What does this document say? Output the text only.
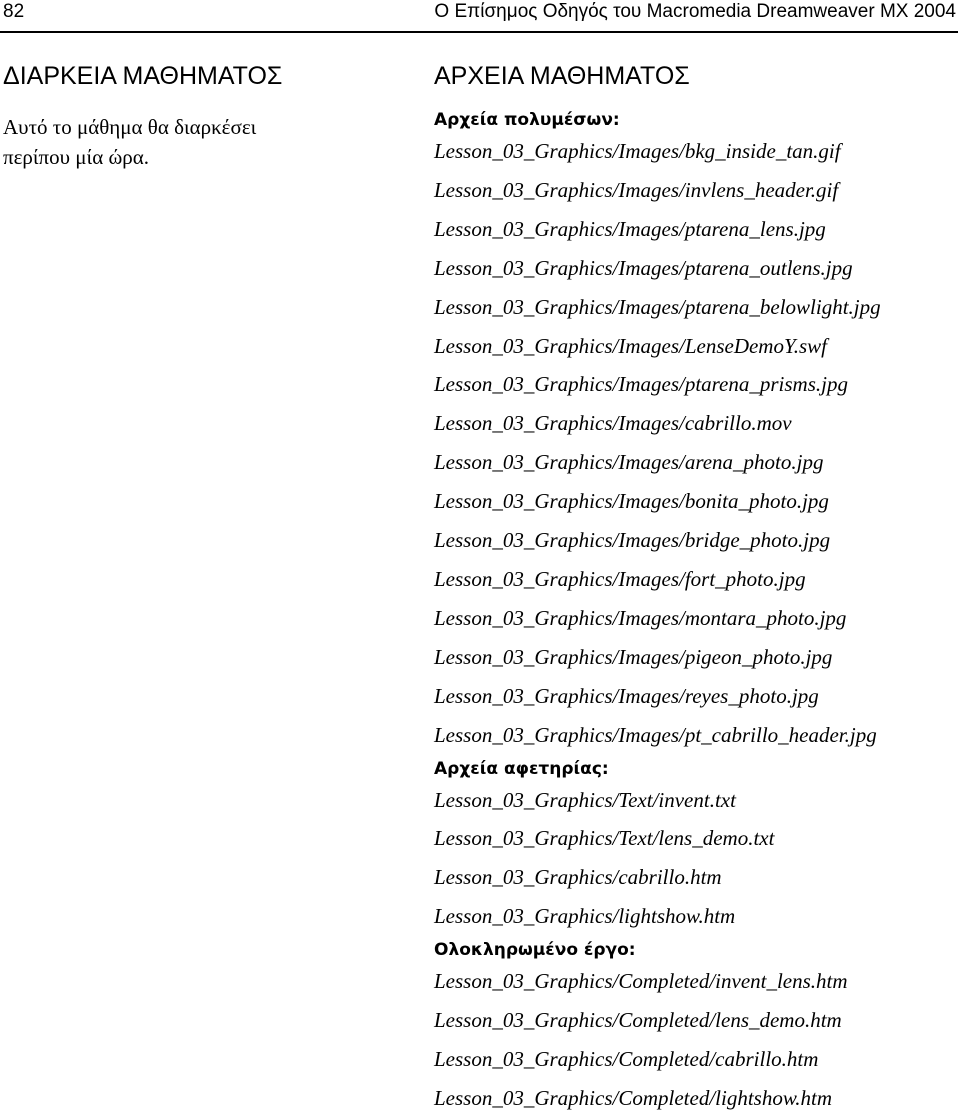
82	Ο Επίσημος Οδηγός του Macromedia Dreamweaver MX 2004
ΔΙΑΡΚΕΙΑ ΜΑΘΗΜΑΤΟΣ
Αυτό το μάθημα θα διαρκέσει περίπου μία ώρα.
ΑΡΧΕΙΑ ΜΑΘΗΜΑΤΟΣ
Αρχεία πολυμέσων:
Lesson_03_Graphics/Images/bkg_inside_tan.gif
Lesson_03_Graphics/Images/invlens_header.gif
Lesson_03_Graphics/Images/ptarena_lens.jpg
Lesson_03_Graphics/Images/ptarena_outlens.jpg
Lesson_03_Graphics/Images/ptarena_belowlight.jpg
Lesson_03_Graphics/Images/LenseDemoY.swf
Lesson_03_Graphics/Images/ptarena_prisms.jpg
Lesson_03_Graphics/Images/cabrillo.mov
Lesson_03_Graphics/Images/arena_photo.jpg
Lesson_03_Graphics/Images/bonita_photo.jpg
Lesson_03_Graphics/Images/bridge_photo.jpg
Lesson_03_Graphics/Images/fort_photo.jpg
Lesson_03_Graphics/Images/montara_photo.jpg
Lesson_03_Graphics/Images/pigeon_photo.jpg
Lesson_03_Graphics/Images/reyes_photo.jpg
Lesson_03_Graphics/Images/pt_cabrillo_header.jpg
Αρχεία αφετηρίας:
Lesson_03_Graphics/Text/invent.txt
Lesson_03_Graphics/Text/lens_demo.txt
Lesson_03_Graphics/cabrillo.htm
Lesson_03_Graphics/lightshow.htm
Ολοκληρωμένο έργο:
Lesson_03_Graphics/Completed/invent_lens.htm
Lesson_03_Graphics/Completed/lens_demo.htm
Lesson_03_Graphics/Completed/cabrillo.htm
Lesson_03_Graphics/Completed/lightshow.htm
